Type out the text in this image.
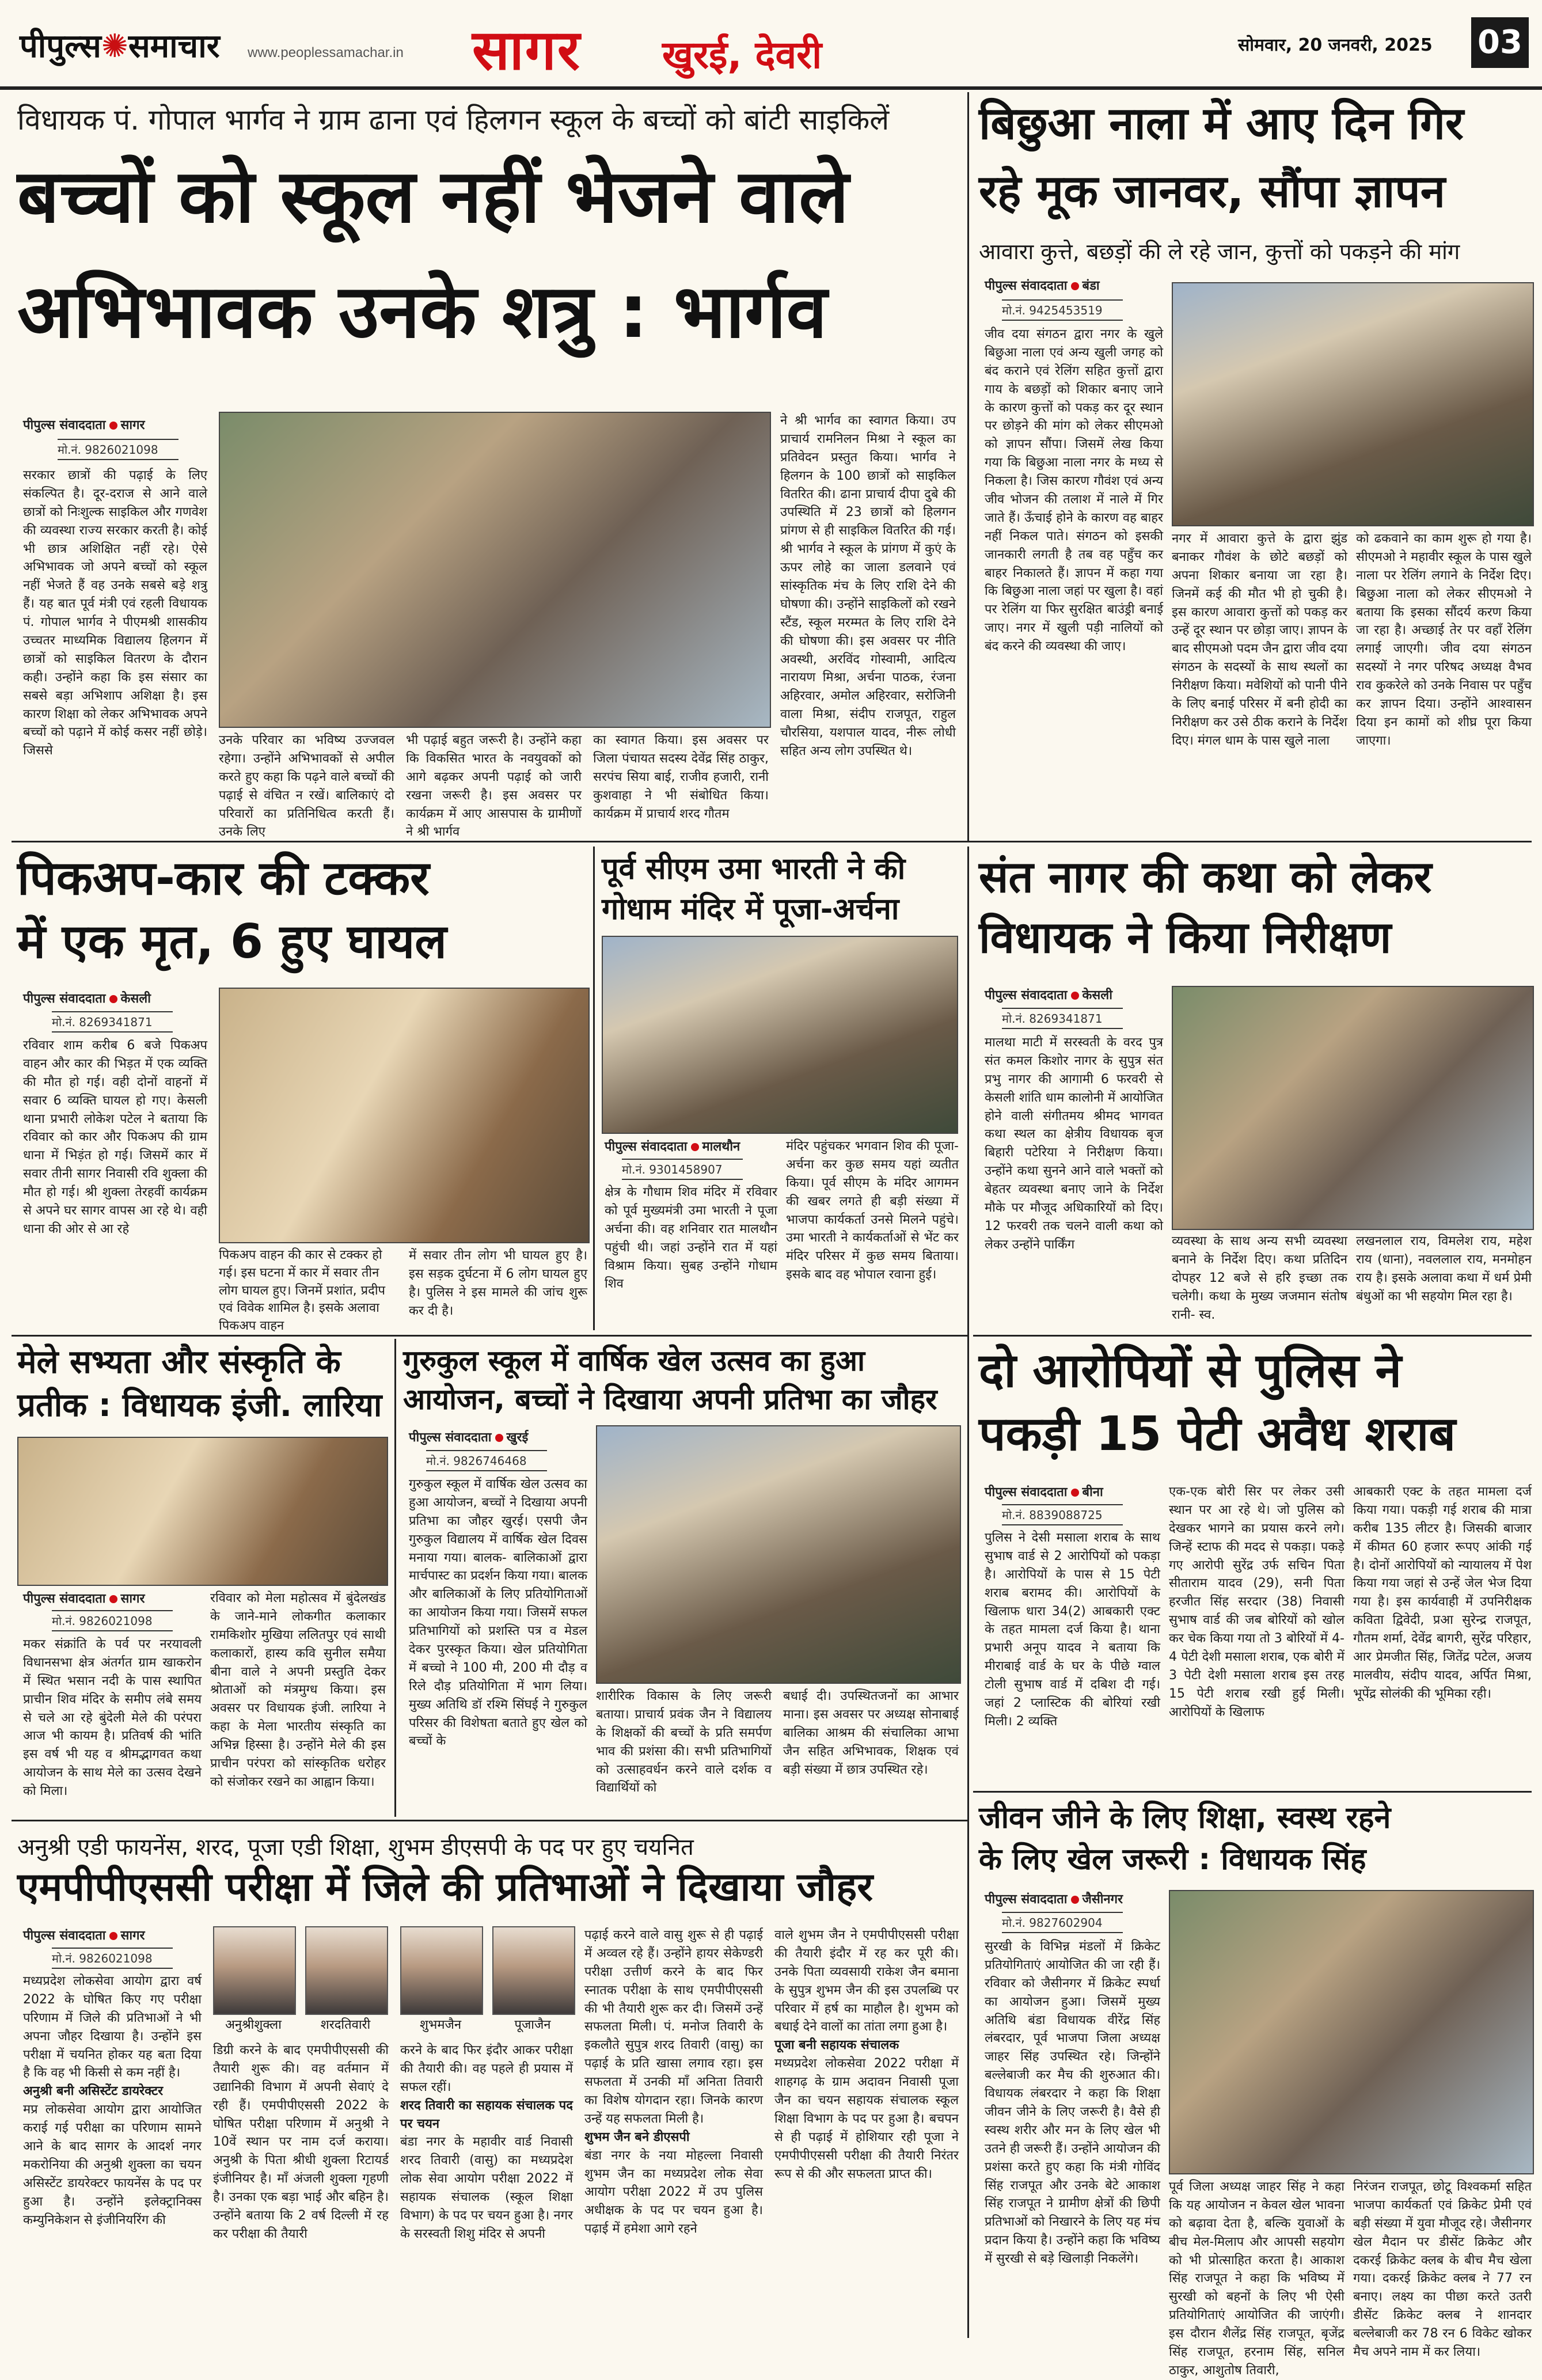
पीपुल्स✺समाचार www.peoplessamachar.in सागर खुरई, देवरी	सोमवार, 20 जनवरी, 2025 03
विधायक पं. गोपाल भार्गव ने ग्राम ढाना एवं हिलगन स्कूल के बच्चों को बांटी साइकिलें
बच्चों को स्कूल नहीं भेजने वाले
अभिभावक उनके शत्रु : भार्गव
पीपुल्स संवाददाता सागर
मो.नं. 9826021098
सरकार छात्रों की पढ़ाई के लिए संकल्पित है। दूर-दराज से आने वाले छात्रों को निःशुल्क साइकिल और गणवेश की व्यवस्था राज्य सरकार करती है। कोई भी छात्र अशिक्षित नहीं रहे। ऐसे अभिभावक जो अपने बच्चों को स्कूल नहीं भेजते हैं वह उनके सबसे बड़े शत्रु हैं। यह बात पूर्व मंत्री एवं रहली विधायक पं. गोपाल भार्गव ने पीएमश्री शासकीय उच्चतर माध्यमिक विद्यालय हिलगन में छात्रों को साइकिल वितरण के दौरान कही। उन्होंने कहा कि इस संसार का सबसे बड़ा अभिशाप अशिक्षा है। इस कारण शिक्षा को लेकर अभिभावक अपने बच्चों को पढ़ाने में कोई कसर नहीं छोड़े। जिससे
उनके परिवार का भविष्य उज्जवल रहेगा। उन्होंने अभिभावकों से अपील करते हुए कहा कि पढ़ने वाले बच्चों की पढ़ाई से वंचित न रखें। बालिकाएं दो परिवारों का प्रतिनिधित्व करती हैं। उनके लिए
भी पढ़ाई बहुत जरूरी है। उन्होंने कहा कि विकसित भारत के नवयुवकों को आगे बढ़कर अपनी पढ़ाई को जारी रखना जरूरी है। इस अवसर पर कार्यक्रम में आए आसपास के ग्रामीणों ने श्री भार्गव
का स्वागत किया। इस अवसर पर जिला पंचायत सदस्य देवेंद्र सिंह ठाकुर, सरपंच सिया बाई, राजीव हजारी, रानी कुशवाहा ने भी संबोधित किया। कार्यक्रम में प्राचार्य शरद गौतम
ने श्री भार्गव का स्वागत किया। उप प्राचार्य रामनिलन मिश्रा ने स्कूल का प्रतिवेदन प्रस्तुत किया। भार्गव ने हिलगन के 100 छात्रों को साइकिल वितरित की। ढाना प्राचार्य दीपा दुबे की उपस्थिति में 23 छात्रों को हिलगन प्रांगण से ही साइकिल वितरित की गई। श्री भार्गव ने स्कूल के प्रांगण में कुएं के ऊपर लोहे का जाला डलवाने एवं सांस्कृतिक मंच के लिए राशि देने की घोषणा की। उन्होंने साइकिलों को रखने स्टैंड, स्कूल मरम्मत के लिए राशि देने की घोषणा की। इस अवसर पर नीति अवस्थी, अरविंद गोस्वामी, आदित्य नारायण मिश्रा, अर्चना पाठक, रंजना अहिरवार, अमोल अहिरवार, सरोजिनी वाला मिश्रा, संदीप राजपूत, राहुल चौरसिया, यशपाल यादव, नीरू लोधी सहित अन्य लोग उपस्थित थे।
बिछुआ नाला में आए दिन गिर
रहे मूक जानवर, सौंपा ज्ञापन
आवारा कुत्ते, बछड़ों की ले रहे जान, कुत्तों को पकड़ने की मांग
पीपुल्स संवाददाता बंडा
मो.नं. 9425453519
जीव दया संगठन द्वारा नगर के खुले बिछुआ नाला एवं अन्य खुली जगह को बंद कराने एवं रेलिंग सहित कुत्तों द्वारा गाय के बछड़ों को शिकार बनाए जाने के कारण कुत्तों को पकड़ कर दूर स्थान पर छोड़ने की मांग को लेकर सीएमओ को ज्ञापन सौंपा। जिसमें लेख किया गया कि बिछुआ नाला नगर के मध्य से निकला है। जिस कारण गौवंश एवं अन्य जीव भोजन की तलाश में नाले में गिर जाते हैं। ऊँचाई होने के कारण वह बाहर नहीं निकल पाते। संगठन को इसकी जानकारी लगती है तब वह पहुँच कर बाहर निकालते हैं। ज्ञापन में कहा गया कि बिछुआ नाला जहां पर खुला है। वहां पर रेलिंग या फिर सुरक्षित बाउंड्री बनाई जाए। नगर में खुली पड़ी नालियों को बंद करने की व्यवस्था की जाए।
नगर में आवारा कुत्ते के द्वारा झुंड बनाकर गौवंश के छोटे बछड़ों को अपना शिकार बनाया जा रहा है। जिनमें कई की मौत भी हो चुकी है। इस कारण आवारा कुत्तों को पकड़ कर उन्हें दूर स्थान पर छोड़ा जाए। ज्ञापन के बाद सीएमओ पदम जैन द्वारा जीव दया संगठन के सदस्यों के साथ स्थलों का निरीक्षण किया। मवेशियों को पानी पीने के लिए बनाई परिसर में बनी होदी का निरीक्षण कर उसे ठीक कराने के निर्देश दिए। मंगल धाम के पास खुले नाला
को ढकवाने का काम शुरू हो गया है। सीएमओ ने महावीर स्कूल के पास खुले नाला पर रेलिंग लगाने के निर्देश दिए। बिछुआ नाला को लेकर सीएमओ ने बताया कि इसका सौंदर्य करण किया जा रहा है। अच्छाई तेर पर वहाँ रेलिंग लगाई जाएगी। जीव दया संगठन सदस्यों ने नगर परिषद अध्यक्ष वैभव राव कुकरेले को उनके निवास पर पहुँच कर ज्ञापन दिया। उन्होंने आश्वासन दिया इन कामों को शीघ्र पूरा किया जाएगा।
पिकअप-कार की टक्कर
में एक मृत, 6 हुए घायल
पीपुल्स संवाददाता केसली
मो.नं. 8269341871
रविवार शाम करीब 6 बजे पिकअप वाहन और कार की भिड़त में एक व्यक्ति की मौत हो गई। वही दोनों वाहनों में सवार 6 व्यक्ति घायल हो गए। केसली थाना प्रभारी लोकेश पटेल ने बताया कि रविवार को कार और पिकअप की ग्राम धाना में भिड़ंत हो गई। जिसमें कार में सवार तीनी सागर निवासी रवि शुक्ला की मौत हो गई। श्री शुक्ला तेरहवीं कार्यक्रम से अपने घर सागर वापस आ रहे थे। वही धाना की ओर से आ रहे
पिकअप वाहन की कार से टक्कर हो गई। इस घटना में कार में सवार तीन लोग घायल हुए। जिनमें प्रशांत, प्रदीप एवं विवेक शामिल है। इसके अलावा पिकअप वाहन
में सवार तीन लोग भी घायल हुए है। इस सड़क दुर्घटना में 6 लोग घायल हुए है। पुलिस ने इस मामले की जांच शुरू कर दी है।
पूर्व सीएम उमा भारती ने की
गोधाम मंदिर में पूजा-अर्चना
पीपुल्स संवाददाता मालथौन
मो.नं. 9301458907
क्षेत्र के गौधाम शिव मंदिर में रविवार को पूर्व मुख्यमंत्री उमा भारती ने पूजा अर्चना की। वह शनिवार रात मालथौन पहुंची थी। जहां उन्होंने रात में यहां विश्राम किया। सुबह उन्होंने गोधाम शिव
मंदिर पहुंचकर भगवान शिव की पूजा-अर्चना कर कुछ समय यहां व्यतीत किया। पूर्व सीएम के मंदिर आगमन की खबर लगते ही बड़ी संख्या में भाजपा कार्यकर्ता उनसे मिलने पहुंचे। उमा भारती ने कार्यकर्ताओं से भेंट कर मंदिर परिसर में कुछ समय बिताया। इसके बाद वह भोपाल रवाना हुई।
संत नागर की कथा को लेकर
विधायक ने किया निरीक्षण
पीपुल्स संवाददाता केसली
मो.नं. 8269341871
मालथा माटी में सरस्वती के वरद पुत्र संत कमल किशोर नागर के सुपुत्र संत प्रभु नागर की आगामी 6 फरवरी से केसली शांति धाम कालोनी में आयोजित होने वाली संगीतमय श्रीमद भागवत कथा स्थल का क्षेत्रीय विधायक बृज बिहारी पटेरिया ने निरीक्षण किया। उन्होंने कथा सुनने आने वाले भक्तों को बेहतर व्यवस्था बनाए जाने के निर्देश मौके पर मौजूद अधिकारियों को दिए। 12 फरवरी तक चलने वाली कथा को लेकर उन्होंने पार्किंग	व्यवस्था के साथ अन्य सभी व्यवस्था बनाने के निर्देश दिए। कथा प्रतिदिन दोपहर 12 बजे से हरि इच्छा तक चलेगी। कथा के मुख्य जजमान संतोष रानी- स्व.
लखनलाल राय, विमलेश राय, महेश राय (धाना), नवललाल राय, मनमोहन राय है। इसके अलावा कथा में धर्म प्रेमी बंधुओं का भी सहयोग मिल रहा है।
मेले सभ्यता और संस्कृति के
प्रतीक : विधायक इंजी. लारिया
पीपुल्स संवाददाता सागर
मो.नं. 9826021098
मकर संक्रांति के पर्व पर नरयावली विधानसभा क्षेत्र अंतर्गत ग्राम खाकरोन में स्थित भसान नदी के पास स्थापित प्राचीन शिव मंदिर के समीप लंबे समय से चले आ रहे बुंदेली मेले की परंपरा आज भी कायम है। प्रतिवर्ष की भांति इस वर्ष भी यह व श्रीमद्भागवत कथा आयोजन के साथ मेले का उत्सव देखने को मिला।
रविवार को मेला महोत्सव में बुंदेलखंड के जाने-माने लोकगीत कलाकार रामकिशोर मुखिया ललितपुर एवं साथी कलाकारों, हास्य कवि सुनील समैया बीना वाले ने अपनी प्रस्तुति देकर श्रोताओं को मंत्रमुग्ध किया। इस अवसर पर विधायक इंजी. लारिया ने कहा के मेला भारतीय संस्कृति का अभिन्न हिस्सा है। उन्होंने मेले की इस प्राचीन परंपरा को सांस्कृतिक धरोहर को संजोकर रखने का आह्वान किया।
गुरुकुल स्कूल में वार्षिक खेल उत्सव का हुआ
आयोजन, बच्चों ने दिखाया अपनी प्रतिभा का जौहर
पीपुल्स संवाददाता खुरई
मो.नं. 9826746468
गुरुकुल स्कूल में वार्षिक खेल उत्सव का हुआ आयोजन, बच्चों ने दिखाया अपनी प्रतिभा का जौहर खुरई। एसपी जैन गुरुकुल विद्यालय में वार्षिक खेल दिवस मनाया गया। बालक- बालिकाओं द्वारा मार्चपास्ट का प्रदर्शन किया गया। बालक और बालिकाओं के लिए प्रतियोगिताओं का आयोजन किया गया। जिसमें सफल प्रतिभागियों को प्रशस्ति पत्र व मेडल देकर पुरस्कृत किया। खेल प्रतियोगिता में बच्चो ने 100 मी, 200 मी दौड़ व रिले दौड़ प्रतियोगिता में भाग लिया। मुख्य अतिथि डॉ रश्मि सिंघई ने गुरुकुल परिसर की विशेषता बताते हुए खेल को बच्चों के
शारीरिक विकास के लिए जरूरी बताया। प्राचार्य प्रवंक जैन ने विद्यालय के शिक्षकों की बच्चों के प्रति समर्पण भाव की प्रशंसा की। सभी प्रतिभागियों को उत्साहवर्धन करने वाले दर्शक व विद्यार्थियों को
बधाई दी। उपस्थितजनों का आभार माना। इस अवसर पर अध्यक्ष सोनाबाई बालिका आश्रम की संचालिका आभा जैन सहित अभिभावक, शिक्षक एवं बड़ी संख्या में छात्र उपस्थित रहे।
दो आरोपियों से पुलिस ने
पकड़ी 15 पेटी अवैध शराब
पीपुल्स संवाददाता बीना
मो.नं. 8839088725
पुलिस ने देसी मसाला शराब के साथ सुभाष वार्ड से 2 आरोपियों को पकड़ा है। आरोपियों के पास से 15 पेटी शराब बरामद की। आरोपियों के खिलाफ धारा 34(2) आबकारी एक्ट के तहत मामला दर्ज किया है। थाना प्रभारी अनूप यादव ने बताया कि मीराबाई वार्ड के घर के पीछे ग्वाल टोली सुभाष वार्ड में दबिश दी गई। जहां 2 प्लास्टिक की बोरियां रखी मिली। 2 व्यक्ति
एक-एक बोरी सिर पर लेकर उसी स्थान पर आ रहे थे। जो पुलिस को देखकर भागने का प्रयास करने लगे। जिन्हें स्टाफ की मदद से पकड़ा। पकड़े गए आरोपी सुरेंद्र उर्फ सचिन पिता सीताराम यादव (29), सनी पिता हरजीत सिंह सरदार (38) निवासी सुभाष वार्ड की जब बोरियों को खोल कर चेक किया गया तो 3 बोरियों में 4-4 पेटी देशी मसाला शराब, एक बोरी में 3 पेटी देशी मसाला शराब इस तरह 15 पेटी शराब रखी हुई मिली। आरोपियों के खिलाफ
आबकारी एक्ट के तहत मामला दर्ज किया गया। पकड़ी गई शराब की मात्रा करीब 135 लीटर है। जिसकी बाजार में कीमत 60 हजार रूपए आंकी गई है। दोनों आरोपियों को न्यायालय में पेश किया गया जहां से उन्हें जेल भेज दिया गया है। इस कार्यवाही में उपनिरीक्षक कविता द्विवेदी, प्रआ सुरेन्द्र राजपूत, गौतम शर्मा, देवेंद्र बागरी, सुरेंद्र परिहार, आर प्रेमजीत सिंह, जितेंद्र पटेल, अजय मालवीय, संदीप यादव, अर्पित मिश्रा, भूपेंद्र सोलंकी की भूमिका रही।
जीवन जीने के लिए शिक्षा, स्वस्थ रहने
के लिए खेल जरूरी : विधायक सिंह
पीपुल्स संवाददाता जैसीनगर
मो.नं. 9827602904
सुरखी के विभिन्न मंडलों में क्रिकेट प्रतियोगिताएं आयोजित की जा रही हैं। रविवार को जैसीनगर में क्रिकेट स्पर्धा का आयोजन हुआ। जिसमें मुख्य अतिथि बंडा विधायक वीरेंद्र सिंह लंबरदार, पूर्व भाजपा जिला अध्यक्ष जाहर सिंह उपस्थित रहे। जिन्होंने बल्लेबाजी कर मैच की शुरुआत की। विधायक लंबरदार ने कहा कि शिक्षा जीवन जीने के लिए जरूरी है। वैसे ही स्वस्थ शरीर और मन के लिए खेल भी उतने ही जरूरी हैं। उन्होंने आयोजन की प्रशंसा करते हुए कहा कि मंत्री गोविंद सिंह राजपूत और उनके बेटे आकाश सिंह राजपूत ने ग्रामीण क्षेत्रों की छिपी प्रतिभाओं को निखारने के लिए यह मंच प्रदान किया है। उन्होंने कहा कि भविष्य में सुरखी से बड़े खिलाड़ी निकलेंगे।
पूर्व जिला अध्यक्ष जाहर सिंह ने कहा कि यह आयोजन न केवल खेल भावना को बढ़ावा देता है, बल्कि युवाओं के बीच मेल-मिलाप और आपसी सहयोग को भी प्रोत्साहित करता है। आकाश सिंह राजपूत ने कहा कि भविष्य में सुरखी को बहनों के लिए भी ऐसी प्रतियोगिताएं आयोजित की जाएंगी। इस दौरान शैलेंद्र सिंह राजपूत, बृजेंद्र सिंह राजपूत, हरनाम सिंह, सनिल ठाकुर, आशुतोष तिवारी,
निरंजन राजपूत, छोटू विश्वकर्मा सहित भाजपा कार्यकर्ता एवं क्रिकेट प्रेमी एवं बड़ी संख्या में युवा मौजूद रहे। जैसीनगर खेल मैदान पर डीसेंट क्रिकेट और दकरई क्रिकेट क्लब के बीच मैच खेला गया। दकरई क्रिकेट क्लब ने 77 रन बनाए। लक्ष्य का पीछा करते उतरी डीसेंट क्रिकेट क्लब ने शानदार बल्लेबाजी कर 78 रन 6 विकेट खोकर मैच अपने नाम में कर लिया।
अनुश्री एडी फायनेंस, शरद, पूजा एडी शिक्षा, शुभम डीएसपी के पद पर हुए चयनित
एमपीपीएससी परीक्षा में जिले की प्रतिभाओं ने दिखाया जौहर
पीपुल्स संवाददाता सागर
मो.नं. 9826021098
मध्यप्रदेश लोकसेवा आयोग द्वारा वर्ष 2022 के घोषित किए गए परीक्षा परिणाम में जिले की प्रतिभाओं ने भी अपना जौहर दिखाया है। उन्होंने इस परीक्षा में चयनित होकर यह बता दिया है कि वह भी किसी से कम नहीं है।
अनुश्री बनी असिस्टेंट डायरेक्टर
मप्र लोकसेवा आयोग द्वारा आयोजित कराई गई परीक्षा का परिणाम सामने आने के बाद सागर के आदर्श नगर मकरोनिया की अनुश्री शुक्ला का चयन असिस्टेंट डायरेक्टर फायनेंस के पद पर हुआ है। उन्होंने इलेक्ट्रानिक्स कम्युनिकेशन से इंजीनियरिंग की
अनुश्रीशुक्ला	शरदतिवारी	शुभमजैन	पूजाजैन
डिग्री करने के बाद एमपीपीएससी की तैयारी शुरू की। वह वर्तमान में उद्यानिकी विभाग में अपनी सेवाएं दे रही हैं। एमपीपीएससी 2022 के घोषित परीक्षा परिणाम में अनुश्री ने 10वें स्थान पर नाम दर्ज कराया। अनुश्री के पिता श्रीधी शुक्ला रिटायर्ड इंजीनियर है। माँ अंजली शुक्ला गृहणी है। उनका एक बड़ा भाई और बहिन है। उन्होंने बताया कि 2 वर्ष दिल्ली में रह कर परीक्षा की तैयारी
करने के बाद फिर इंदौर आकर परीक्षा की तैयारी की। वह पहले ही प्रयास में सफल रहीं।
शरद तिवारी का सहायक संचालक पद पर चयन
बंडा नगर के महावीर वार्ड निवासी शरद तिवारी (वासु) का मध्यप्रदेश लोक सेवा आयोग परीक्षा 2022 में सहायक संचालक (स्कूल शिक्षा विभाग) के पद पर चयन हुआ है। नगर के सरस्वती शिशु मंदिर से अपनी
पढ़ाई करने वाले वासु शुरू से ही पढ़ाई में अव्वल रहे हैं। उन्होंने हायर सेकेण्डरी परीक्षा उत्तीर्ण करने के बाद फिर स्नातक परीक्षा के साथ एमपीपीएससी की भी तैयारी शुरू कर दी। जिसमें उन्हें सफलता मिली। पं. मनोज तिवारी के इकलौते सुपुत्र शरद तिवारी (वासु) का पढ़ाई के प्रति खासा लगाव रहा। इस सफलता में उनकी माँ अनिता तिवारी का विशेष योगदान रहा। जिनके कारण उन्हें यह सफलता मिली है।
शुभम जैन बने डीएसपी
बंडा नगर के नया मोहल्ला निवासी शुभम जैन का मध्यप्रदेश लोक सेवा आयोग परीक्षा 2022 में उप पुलिस अधीक्षक के पद पर चयन हुआ है। पढ़ाई में हमेशा आगे रहने
वाले शुभम जैन ने एमपीपीएससी परीक्षा की तैयारी इंदौर में रह कर पूरी की। उनके पिता व्यवसायी राकेश जैन बमाना के सुपुत्र शुभम जैन की इस उपलब्धि पर परिवार में हर्ष का माहौल है। शुभम को बधाई देने वालों का तांता लगा हुआ है।
पूजा बनी सहायक संचालक
मध्यप्रदेश लोकसेवा 2022 परीक्षा में शाहगढ़ के ग्राम अदावन निवासी पूजा जैन का चयन सहायक संचालक स्कूल शिक्षा विभाग के पद पर हुआ है। बचपन से ही पढ़ाई में होशियार रही पूजा ने एमपीपीएससी परीक्षा की तैयारी निरंतर रूप से की और सफलता प्राप्त की।
